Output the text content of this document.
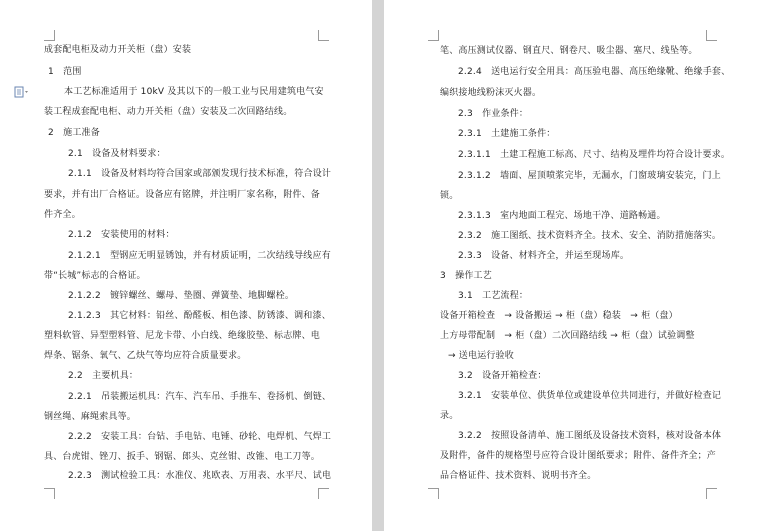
成套配电柜及动力开关柜（盘）安装
1　范围
本工艺标准适用于 10kV 及其以下的一般工业与民用建筑电气安
装工程成套配电柜、动力开关柜（盘）安装及二次回路结线。
2　施工准备
2.1　设备及材料要求：
2.1.1　设备及材料均符合国家或部颁发现行技术标准，符合设计
要求，并有出厂合格证。设备应有铭牌，并注明厂家名称，附件、备
件齐全。
2.1.2　安装使用的材料：
2.1.2.1　型钢应无明显锈蚀，并有材质证明，二次结线导线应有
带“长城”标志的合格证。
2.1.2.2　镀锌螺丝、螺母、垫圈、弹簧垫、地脚螺栓。
2.1.2.3　其它材料：铅丝、酚醛板、相色漆、防锈漆、调和漆、
塑料软管、异型塑料管、尼龙卡带、小白线、绝缘胶垫、标志牌、电
焊条、锯条、氧气、乙炔气等均应符合质量要求。
2.2　主要机具：
2.2.1　吊装搬运机具：汽车、汽车吊、手推车、卷扬机、倒链、
钢丝绳、麻绳索具等。
2.2.2　安装工具：台钻、手电钻、电锤、砂轮、电焊机、气焊工
具、台虎钳、锉刀、扳手、钢锯、郎头、克丝钳、改锥、电工刀等。
2.2.3　测试检验工具：水准仪、兆欧表、万用表、水平尺、试电
笔、高压测试仪器、钢直尺、钢卷尺、吸尘器、塞尺、线坠等。
2.2.4　送电运行安全用具：高压验电器、高压绝缘靴、绝缘手套、
编织接地线粉沫灭火器。
2.3　作业条件：
2.3.1　土建施工条件：
2.3.1.1　土建工程施工标高、尺寸、结构及埋件均符合设计要求。
2.3.1.2　墙面、屋顶喷浆完毕，无漏水，门窗玻璃安装完，门上
锁。
2.3.1.3　室内地面工程完、场地干净、道路畅通。
2.3.2　施工图纸、技术资料齐全。技术、安全、消防措施落实。
2.3.3　设备、材料齐全，并运至现场库。
3　操作工艺
3.1　工艺流程：
设备开箱检查　→ 设备搬运 → 柜（盘）稳装　→ 柜（盘）
上方母带配制　→ 柜（盘）二次回路结线 → 柜（盘）试验调整
→ 送电运行验收
3.2　设备开箱检查：
3.2.1　安装单位、供货单位或建设单位共同进行，并做好检查记
录。
3.2.2　按照设备清单、施工图纸及设备技术资料，核对设备本体
及附件，备件的规格型号应符合设计图纸要求；附件、备件齐全；产
品合格证件、技术资料、说明书齐全。
